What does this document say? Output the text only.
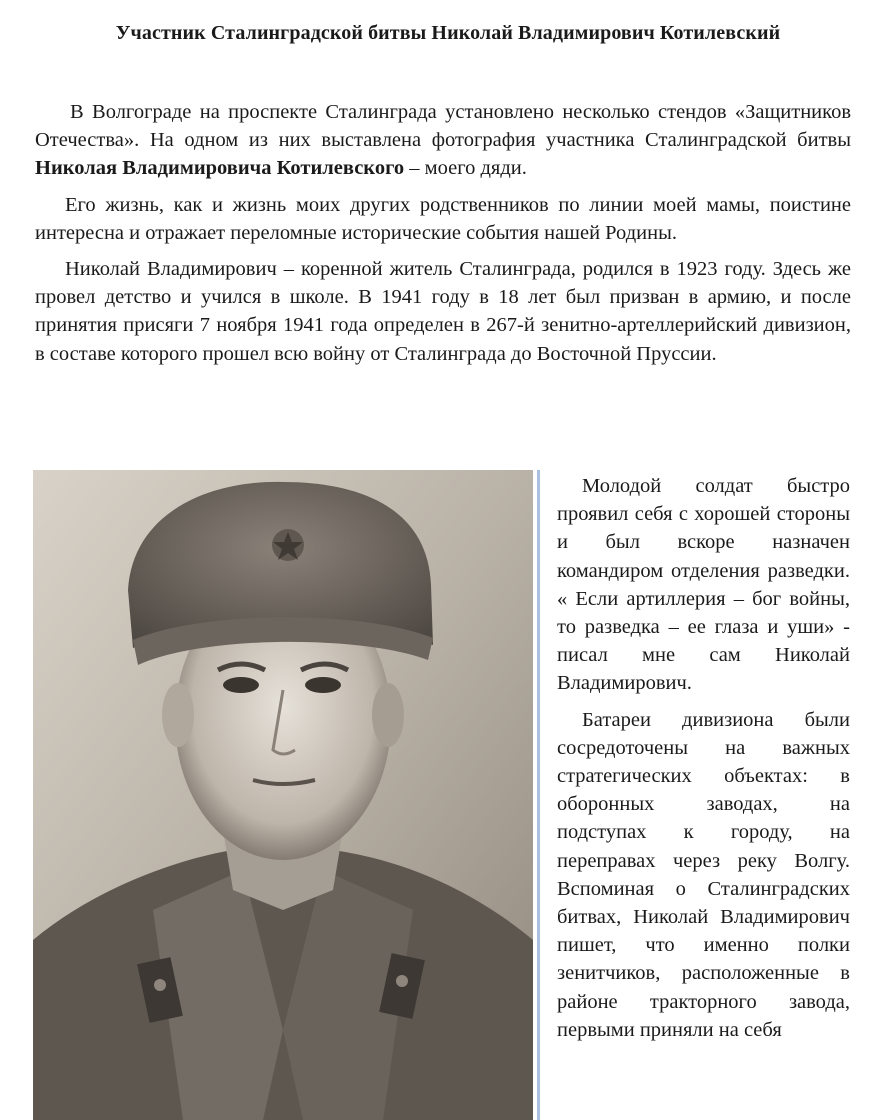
Участник Сталинградской битвы Николай Владимирович Котилевский

В Волгограде на проспекте Сталинграда установлено несколько стендов «Защитников Отечества». На одном из них выставлена фотография участника Сталинградской битвы Николая Владимировича Котилевского – моего дяди.

Его жизнь, как и жизнь моих других родственников по линии моей мамы, поистине интересна и отражает переломные исторические события нашей Родины.

Николай Владимирович – коренной житель Сталинграда, родился в 1923 году. Здесь же провел детство и учился в школе. В 1941 году в 18 лет был призван в армию, и после принятия присяги 7 ноября 1941 года определен в 267-й зенитно-артеллерийский дивизион, в составе которого прошел всю войну от Сталинграда до Восточной Пруссии.

Молодой солдат быстро проявил себя с хорошей стороны и был вскоре назначен командиром отделения разведки. « Если артиллерия – бог войны, то разведка – ее глаза и уши» - писал мне сам Николай Владимирович.

Батареи дивизиона были сосредоточены на важных стратегических объектах: в оборонных заводах, на подступах к городу, на переправах через реку Волгу. Вспоминая о Сталинградских битвах, Николай Владимирович пишет, что именно полки зенитчиков, расположенные в районе тракторного завода, первыми приняли на себя
